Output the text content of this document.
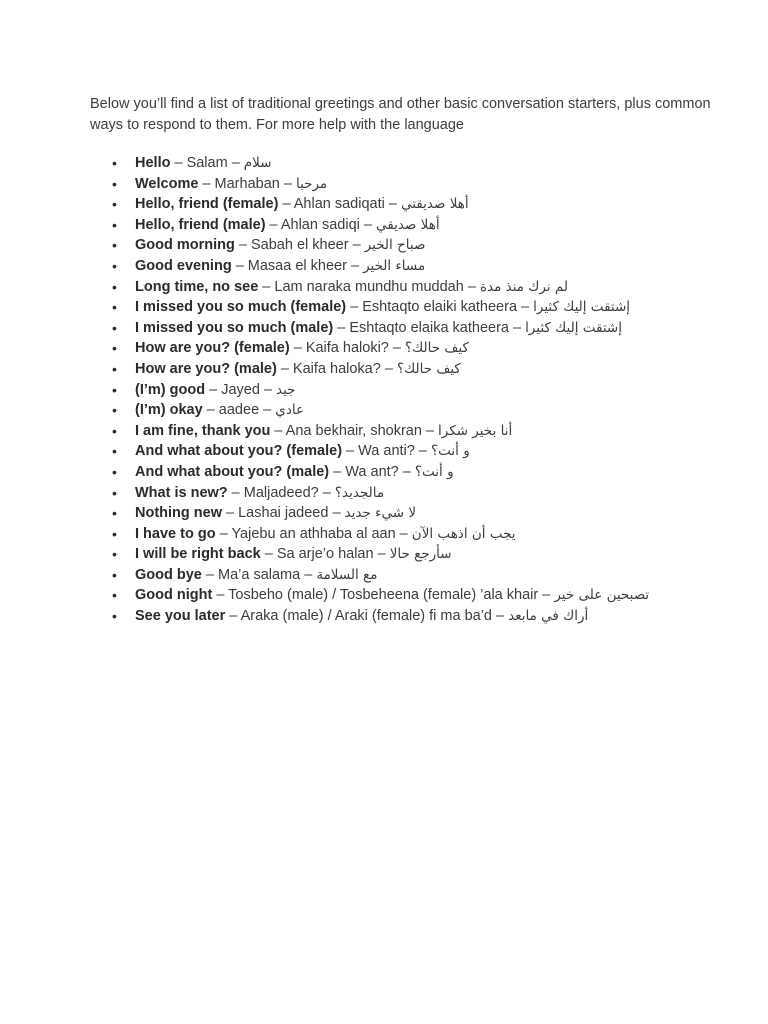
Below you’ll find a list of traditional greetings and other basic conversation starters, plus common ways to respond to them. For more help with the language

• Hello – Salam – سلام
• Welcome – Marhaban – مرحبا
• Hello, friend (female) – Ahlan sadiqati – أهلا صديقتي
• Hello, friend (male) – Ahlan sadiqi – أهلا صديقي
• Good morning – Sabah el kheer – صباح الخير
• Good evening – Masaa el kheer – مساء الخير
• Long time, no see – Lam naraka mundhu muddah – لم نرك منذ مدة
• I missed you so much (female) – Eshtaqto elaiki katheera – إشتقت إليك كثيرا
• I missed you so much (male) – Eshtaqto elaika katheera – إشتقت إليك كثيرا
• How are you? (female) – Kaifa haloki? – كيف حالك؟
• How are you? (male) – Kaifa haloka? – كيف حالك؟
• (I’m) good – Jayed – جيد
• (I’m) okay – aadee – عادي
• I am fine, thank you – Ana bekhair, shokran – أنا بخير شكرا
• And what about you? (female) – Wa anti? – و أنت؟
• And what about you? (male) – Wa ant? – و أنت؟
• What is new? – Maljadeed? – مالجديد؟
• Nothing new – Lashai jadeed – لا شيء جديد
• I have to go – Yajebu an athhaba al aan – يجب أن اذهب الآن
• I will be right back – Sa arje’o halan – سأرجع حالا
• Good bye – Ma’a salama – مع السلامة
• Good night – Tosbeho (male) / Tosbeheena (female) ’ala khair – تصبحين على خير
• See you later – Araka (male) / Araki (female) fi ma ba’d – أراك في مابعد
